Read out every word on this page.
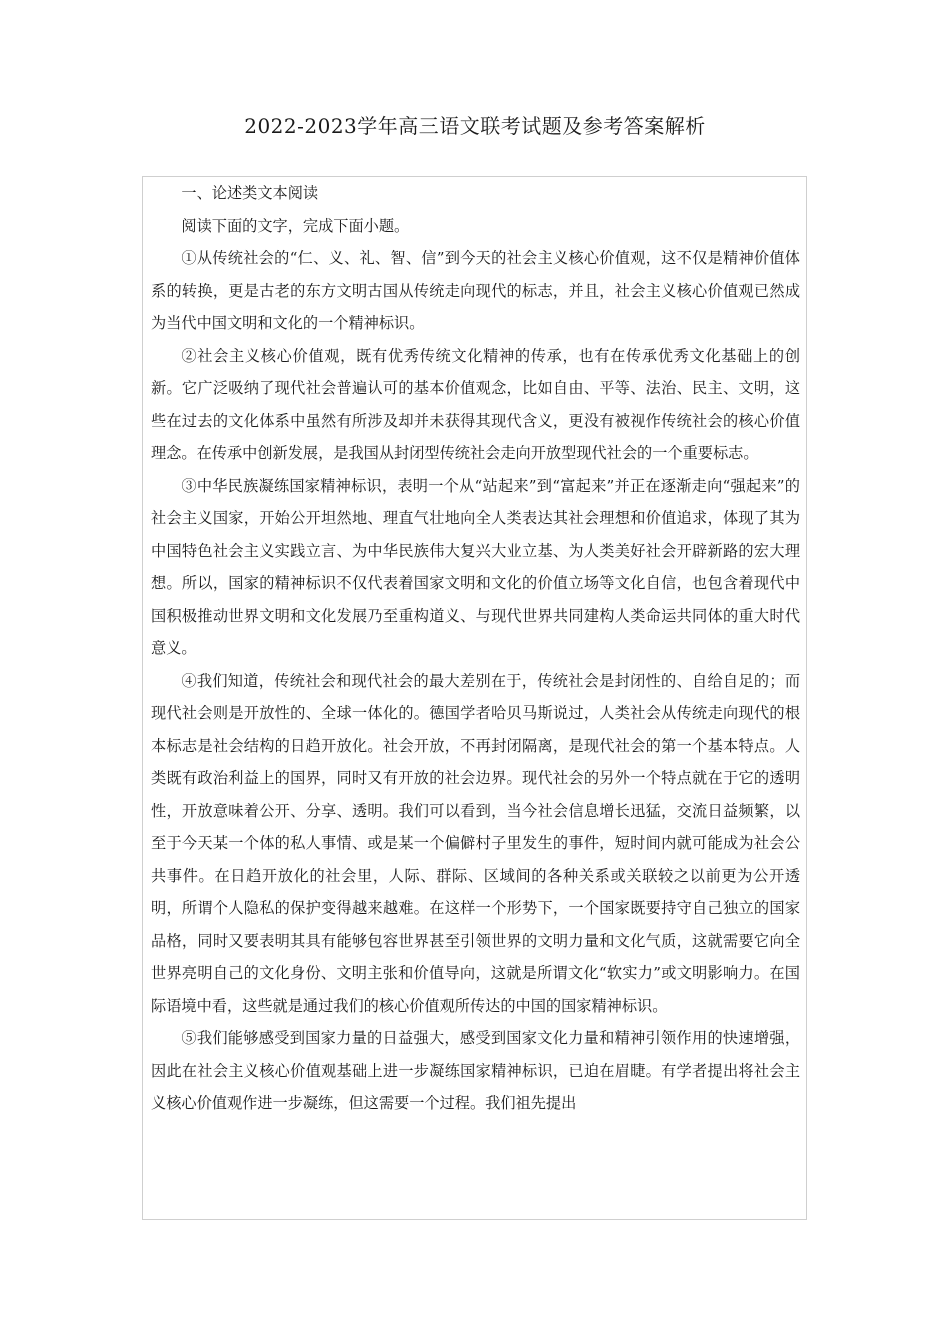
2022-2023学年高三语文联考试题及参考答案解析

一、论述类文本阅读

阅读下面的文字，完成下面小题。

①从传统社会的“仁、义、礼、智、信”到今天的社会主义核心价值观，这不仅是精神价值体系的转换，更是古老的东方文明古国从传统走向现代的标志，并且，社会主义核心价值观已然成为当代中国文明和文化的一个精神标识。

②社会主义核心价值观，既有优秀传统文化精神的传承，也有在传承优秀文化基础上的创新。它广泛吸纳了现代社会普遍认可的基本价值观念，比如自由、平等、法治、民主、文明，这些在过去的文化体系中虽然有所涉及却并未获得其现代含义，更没有被视作传统社会的核心价值理念。在传承中创新发展，是我国从封闭型传统社会走向开放型现代社会的一个重要标志。

③中华民族凝练国家精神标识，表明一个从“站起来”到“富起来”并正在逐渐走向“强起来”的社会主义国家，开始公开坦然地、理直气壮地向全人类表达其社会理想和价值追求，体现了其为中国特色社会主义实践立言、为中华民族伟大复兴大业立基、为人类美好社会开辟新路的宏大理想。所以，国家的精神标识不仅代表着国家文明和文化的价值立场等文化自信，也包含着现代中国积极推动世界文明和文化发展乃至重构道义、与现代世界共同建构人类命运共同体的重大时代意义。

④我们知道，传统社会和现代社会的最大差别在于，传统社会是封闭性的、自给自足的；而现代社会则是开放性的、全球一体化的。德国学者哈贝马斯说过，人类社会从传统走向现代的根本标志是社会结构的日趋开放化。社会开放，不再封闭隔离，是现代社会的第一个基本特点。人类既有政治利益上的国界，同时又有开放的社会边界。现代社会的另外一个特点就在于它的透明性，开放意味着公开、分享、透明。我们可以看到，当今社会信息增长迅猛，交流日益频繁，以至于今天某一个体的私人事情、或是某一个偏僻村子里发生的事件，短时间内就可能成为社会公共事件。在日趋开放化的社会里，人际、群际、区域间的各种关系或关联较之以前更为公开透明，所谓个人隐私的保护变得越来越难。在这样一个形势下，一个国家既要持守自己独立的国家品格，同时又要表明其具有能够包容世界甚至引领世界的文明力量和文化气质，这就需要它向全世界亮明自己的文化身份、文明主张和价值导向，这就是所谓文化“软实力”或文明影响力。在国际语境中看，这些就是通过我们的核心价值观所传达的中国的国家精神标识。

⑤我们能够感受到国家力量的日益强大，感受到国家文化力量和精神引领作用的快速增强，因此在社会主义核心价值观基础上进一步凝练国家精神标识，已迫在眉睫。有学者提出将社会主义核心价值观作进一步凝练，但这需要一个过程。我们祖先提出
